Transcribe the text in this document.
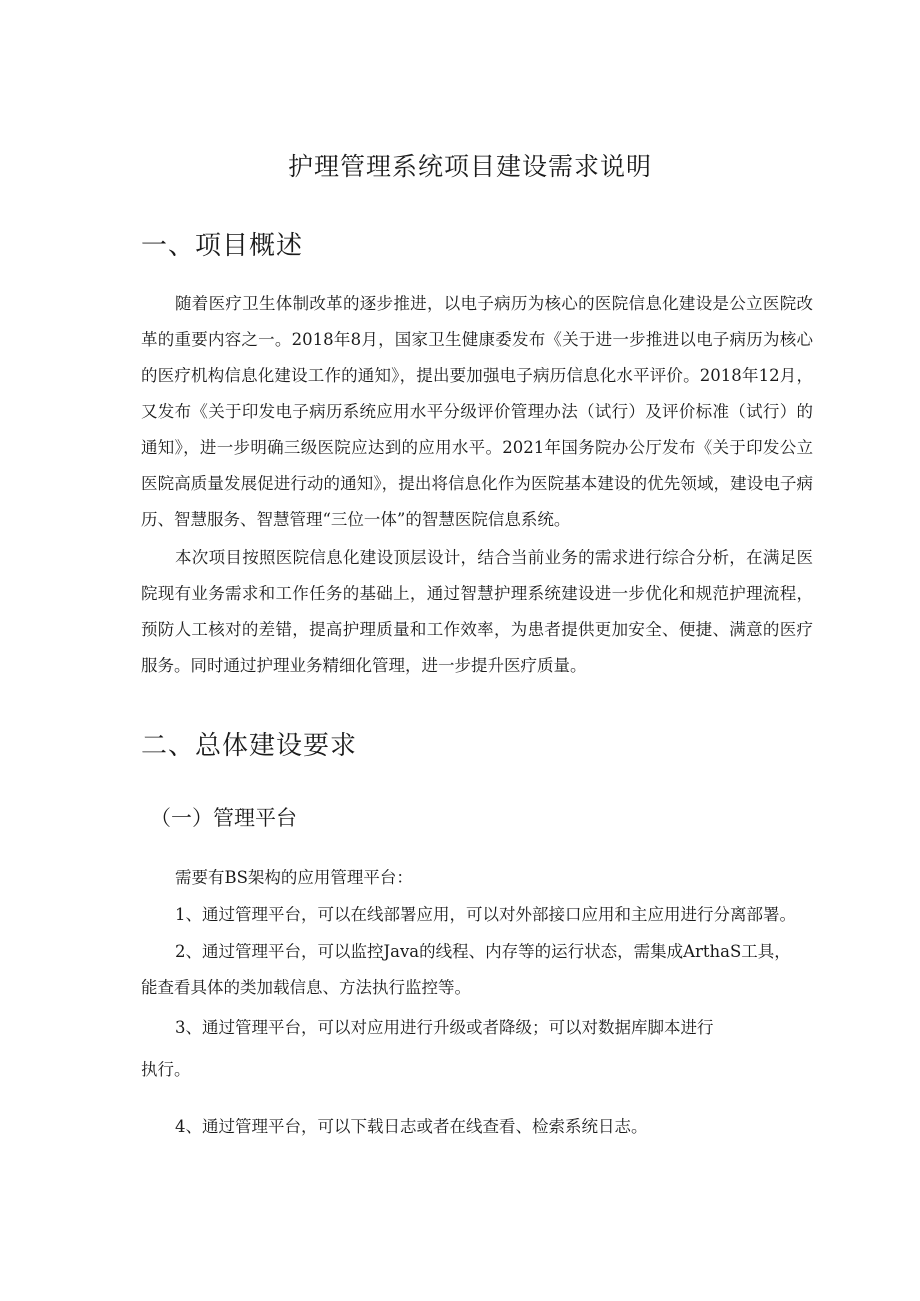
护理管理系统项目建设需求说明
一、项目概述

随着医疗卫生体制改革的逐步推进，以电子病历为核心的医院信息化建设是公立医院改革的重要内容之一。2018年8月，国家卫生健康委发布《关于进一步推进以电子病历为核心的医疗机构信息化建设工作的通知》，提出要加强电子病历信息化水平评价。2018年12月，又发布《关于印发电子病历系统应用水平分级评价管理办法（试行）及评价标准（试行）的通知》，进一步明确三级医院应达到的应用水平。2021年国务院办公厅发布《关于印发公立医院高质量发展促进行动的通知》，提出将信息化作为医院基本建设的优先领域，建设电子病历、智慧服务、智慧管理“三位一体”的智慧医院信息系统。

本次项目按照医院信息化建设顶层设计，结合当前业务的需求进行综合分析，在满足医院现有业务需求和工作任务的基础上，通过智慧护理系统建设进一步优化和规范护理流程，预防人工核对的差错，提高护理质量和工作效率，为患者提供更加安全、便捷、满意的医疗服务。同时通过护理业务精细化管理，进一步提升医疗质量。

二、总体建设要求
（一）管理平台

需要有BS架构的应用管理平台：

1、通过管理平台，可以在线部署应用，可以对外部接口应用和主应用进行分离部署。

2、通过管理平台，可以监控Java的线程、内存等的运行状态，需集成ArthaS工具，

能查看具体的类加载信息、方法执行监控等。

3、通过管理平台，可以对应用进行升级或者降级；可以对数据库脚本进行

执行。

4、通过管理平台，可以下载日志或者在线查看、检索系统日志。
